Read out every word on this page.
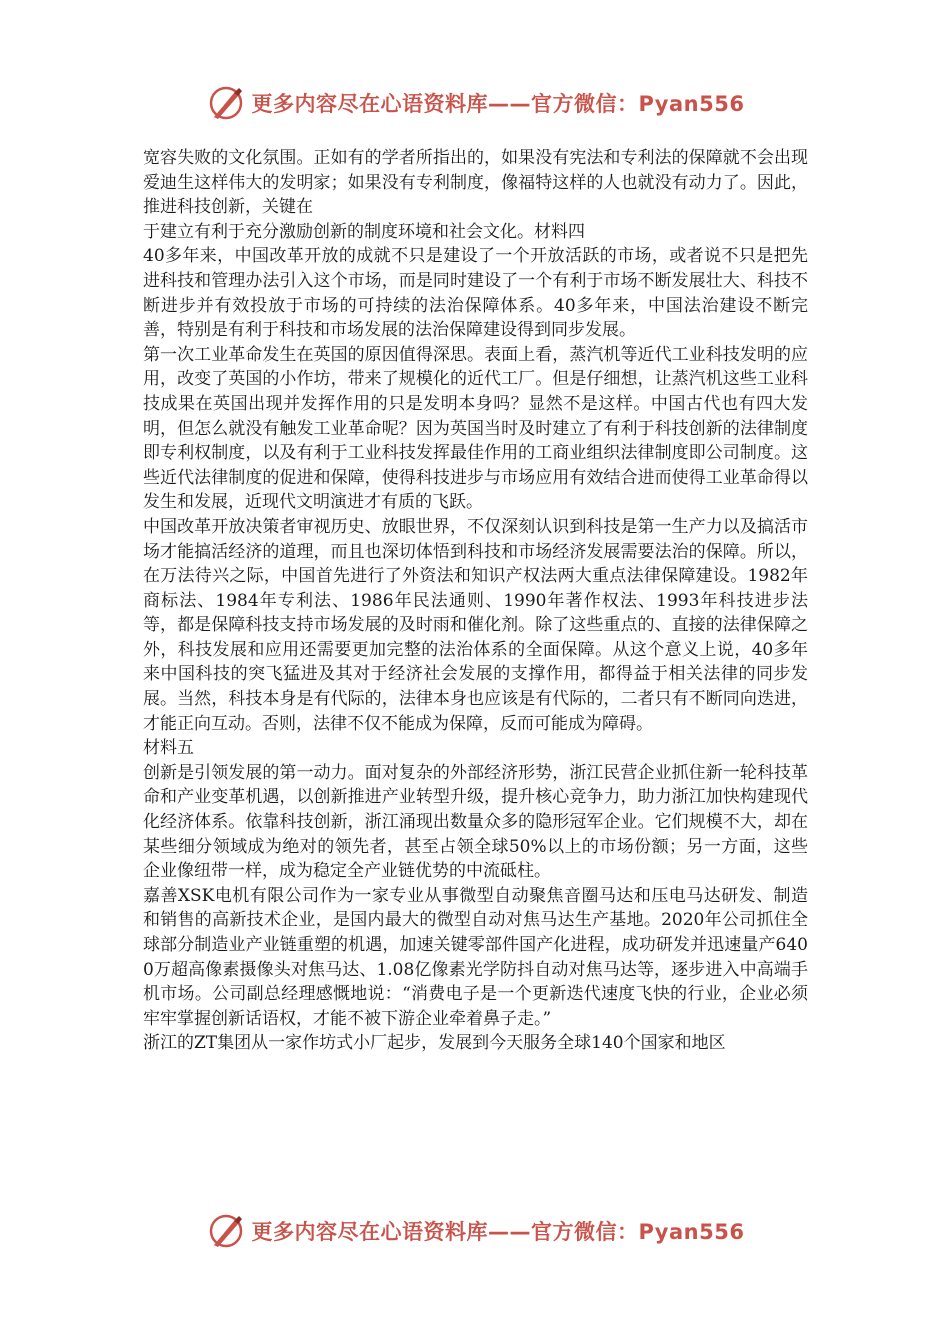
更多内容尽在心语资料库——官方微信：Pyan556

宽容失败的文化氛围。正如有的学者所指出的，如果没有宪法和专利法的保障就不会出现爱迪生这样伟大的发明家；如果没有专利制度，像福特这样的人也就没有动力了。因此，推进科技创新，关键在

于建立有利于充分激励创新的制度环境和社会文化。材料四

40多年来，中国改革开放的成就不只是建设了一个开放活跃的市场，或者说不只是把先进科技和管理办法引入这个市场，而是同时建设了一个有利于市场不断发展壮大、科技不断进步并有效投放于市场的可持续的法治保障体系。40多年来，中国法治建设不断完善，特别是有利于科技和市场发展的法治保障建设得到同步发展。

第一次工业革命发生在英国的原因值得深思。表面上看，蒸汽机等近代工业科技发明的应用，改变了英国的小作坊，带来了规模化的近代工厂。但是仔细想，让蒸汽机这些工业科技成果在英国出现并发挥作用的只是发明本身吗？显然不是这样。中国古代也有四大发明，但怎么就没有触发工业革命呢？因为英国当时及时建立了有利于科技创新的法律制度即专利权制度，以及有利于工业科技发挥最佳作用的工商业组织法律制度即公司制度。这些近代法律制度的促进和保障，使得科技进步与市场应用有效结合进而使得工业革命得以发生和发展，近现代文明演进才有质的飞跃。

中国改革开放决策者审视历史、放眼世界，不仅深刻认识到科技是第一生产力以及搞活市场才能搞活经济的道理，而且也深切体悟到科技和市场经济发展需要法治的保障。所以，在万法待兴之际，中国首先进行了外资法和知识产权法两大重点法律保障建设。1982年商标法、1984年专利法、1986年民法通则、1990年著作权法、1993年科技进步法等，都是保障科技支持市场发展的及时雨和催化剂。除了这些重点的、直接的法律保障之外，科技发展和应用还需要更加完整的法治体系的全面保障。从这个意义上说，40多年来中国科技的突飞猛进及其对于经济社会发展的支撑作用，都得益于相关法律的同步发展。当然，科技本身是有代际的，法律本身也应该是有代际的，二者只有不断同向迭进，才能正向互动。否则，法律不仅不能成为保障，反而可能成为障碍。

材料五

创新是引领发展的第一动力。面对复杂的外部经济形势，浙江民营企业抓住新一轮科技革命和产业变革机遇，以创新推进产业转型升级，提升核心竞争力，助力浙江加快构建现代化经济体系。依靠科技创新，浙江涌现出数量众多的隐形冠军企业。它们规模不大，却在某些细分领域成为绝对的领先者，甚至占领全球50%以上的市场份额；另一方面，这些企业像纽带一样，成为稳定全产业链优势的中流砥柱。

嘉善XSK电机有限公司作为一家专业从事微型自动聚焦音圈马达和压电马达研发、制造和销售的高新技术企业，是国内最大的微型自动对焦马达生产基地。2020年公司抓住全球部分制造业产业链重塑的机遇，加速关键零部件国产化进程，成功研发并迅速量产6400万超高像素摄像头对焦马达、1.08亿像素光学防抖自动对焦马达等，逐步进入中高端手机市场。公司副总经理感慨地说：“消费电子是一个更新迭代速度飞快的行业，企业必须牢牢掌握创新话语权，才能不被下游企业牵着鼻子走。”

浙江的ZT集团从一家作坊式小厂起步，发展到今天服务全球140个国家和地区

更多内容尽在心语资料库——官方微信：Pyan556
